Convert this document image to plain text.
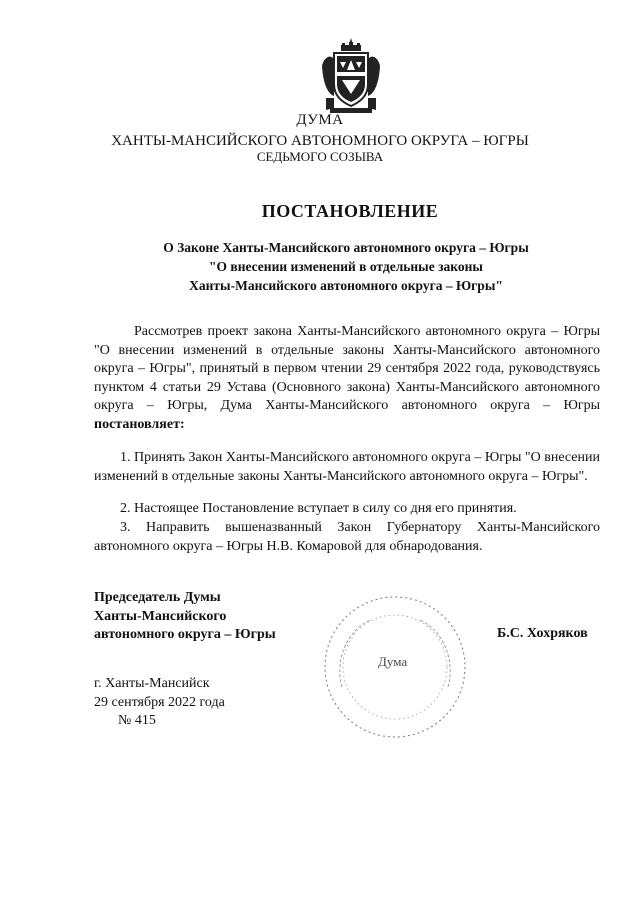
ДУМА
ХАНТЫ-МАНСИЙСКОГО АВТОНОМНОГО ОКРУГА – ЮГРЫ
СЕДЬМОГО СОЗЫВА
ПОСТАНОВЛЕНИЕ
О Законе Ханты-Мансийского автономного округа – Югры
"О внесении изменений в отдельные законы
Ханты-Мансийского автономного округа – Югры"
Рассмотрев проект закона Ханты-Мансийского автономного округа – Югры "О внесении изменений в отдельные законы Ханты-Мансийского автономного округа – Югры", принятый в первом чтении 29 сентября 2022 года, руководствуясь пунктом 4 статьи 29 Устава (Основного закона) Ханты-Мансийского автономного округа – Югры, Дума Ханты-Мансийского автономного округа – Югры постановляет:
1. Принять Закон Ханты-Мансийского автономного округа – Югры "О внесении изменений в отдельные законы Ханты-Мансийского автономного округа – Югры".
2. Настоящее Постановление вступает в силу со дня его принятия.
3. Направить вышеназванный Закон Губернатору Ханты-Мансийского автономного округа – Югры Н.В. Комаровой для обнародования.
Председатель Думы
Ханты-Мансийского
автономного округа – Югры
Дума
Б.С. Хохряков
г. Ханты-Мансийск
29 сентября 2022 года
№ 415
